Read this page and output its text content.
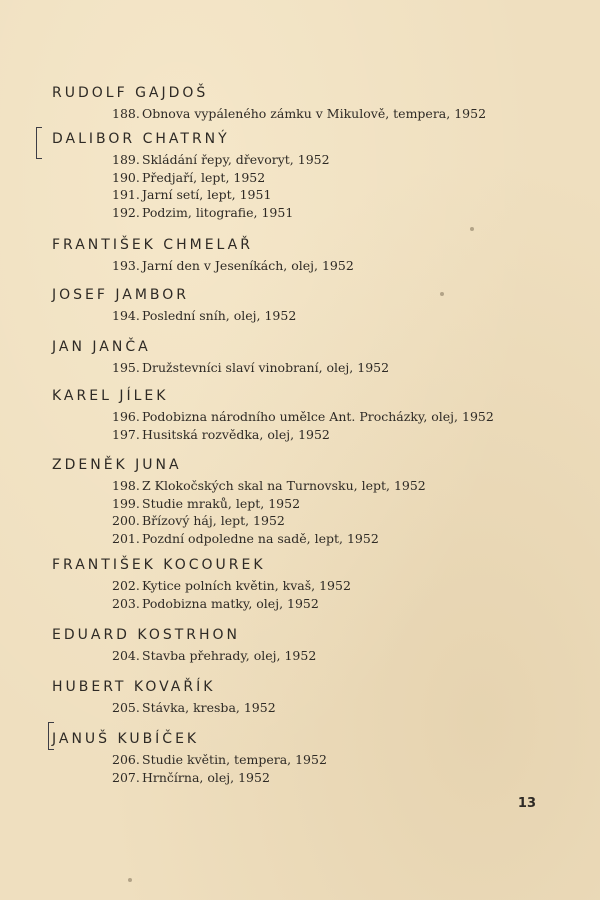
RUDOLF GAJDOŠ
188. Obnova vypáleného zámku v Mikulově, tempera, 1952
DALIBOR CHATRNÝ
189. Skládání řepy, dřevoryt, 1952
190. Předjaří, lept, 1952
191. Jarní setí, lept, 1951
192. Podzim, litografie, 1951
FRANTIŠEK CHMELAŘ
193. Jarní den v Jeseníkách, olej, 1952
JOSEF JAMBOR
194. Poslední sníh, olej, 1952
JAN JANČA
195. Družstevníci slaví vinobraní, olej, 1952
KAREL JÍLEK
196. Podobizna národního umělce Ant. Procházky, olej, 1952
197. Husitská rozvědka, olej, 1952
ZDENĚK JUNA
198. Z Klokočských skal na Turnovsku, lept, 1952
199. Studie mraků, lept, 1952
200. Břízový háj, lept, 1952
201. Pozdní odpoledne na sadě, lept, 1952
FRANTIŠEK KOCOUREK
202. Kytice polních květin, kvaš, 1952
203. Podobizna matky, olej, 1952
EDUARD KOSTRHON
204. Stavba přehrady, olej, 1952
HUBERT KOVAŘÍK
205. Stávka, kresba, 1952
JANUŠ KUBÍČEK
206. Studie květin, tempera, 1952
207. Hrnčírna, olej, 1952
13
